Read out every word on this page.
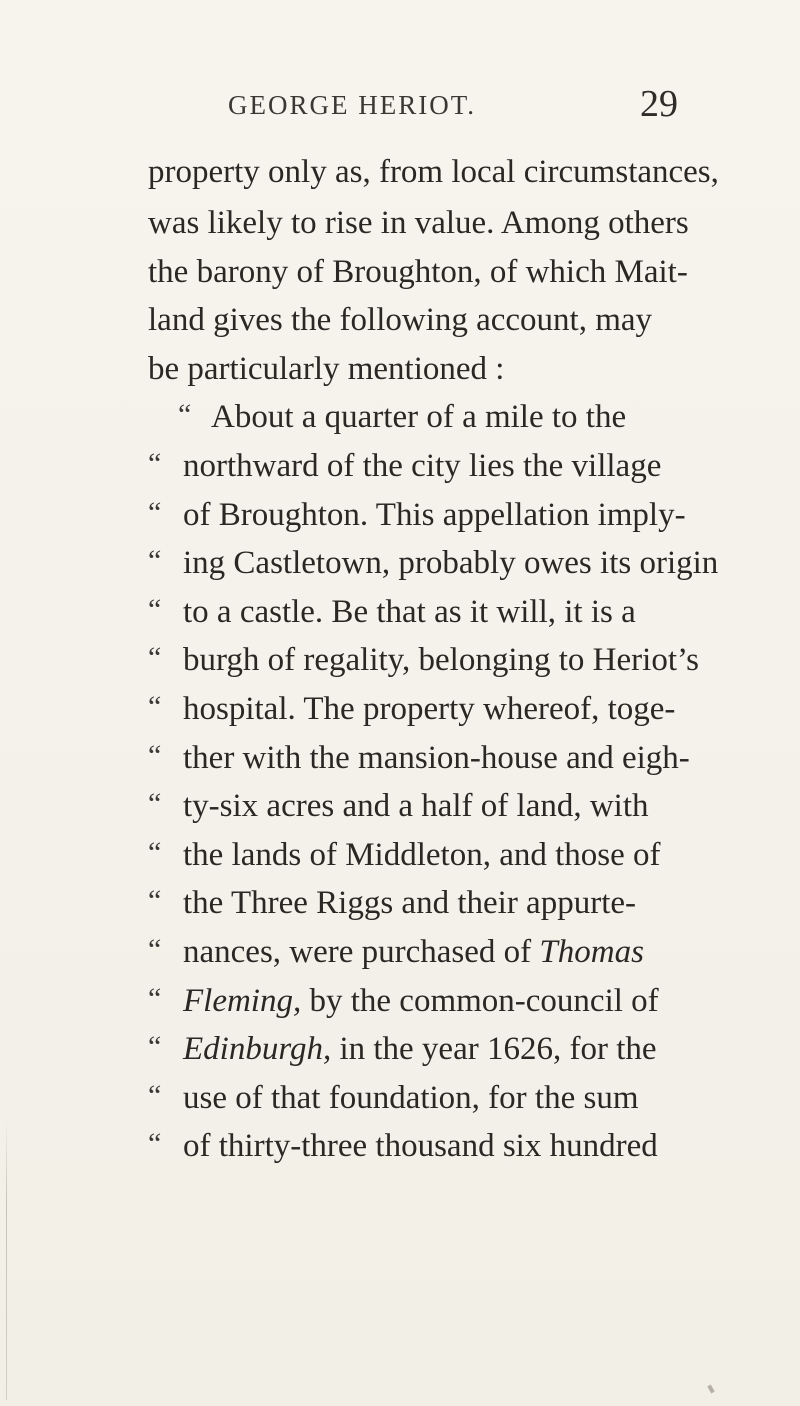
GEORGE HERIOT.	29
property only as, from local circumstances,
was likely to rise in value. Among others
the barony of Broughton, of which Mait-
land gives the following account, may
be particularly mentioned :
“ About a quarter of a mile to the
“ northward of the city lies the village
“ of Broughton. This appellation imply-
“ ing Castletown, probably owes its origin
“ to a castle. Be that as it will, it is a
“ burgh of regality, belonging to Heriot’s
“ hospital. The property whereof, toge-
“ ther with the mansion-house and eigh-
“ ty-six acres and a half of land, with
“ the lands of Middleton, and those of
“ the Three Riggs and their appurte-
“ nances, were purchased of Thomas
“ Fleming, by the common-council of
“ Edinburgh, in the year 1626, for the
“ use of that foundation, for the sum
“ of thirty-three thousand six hundred
